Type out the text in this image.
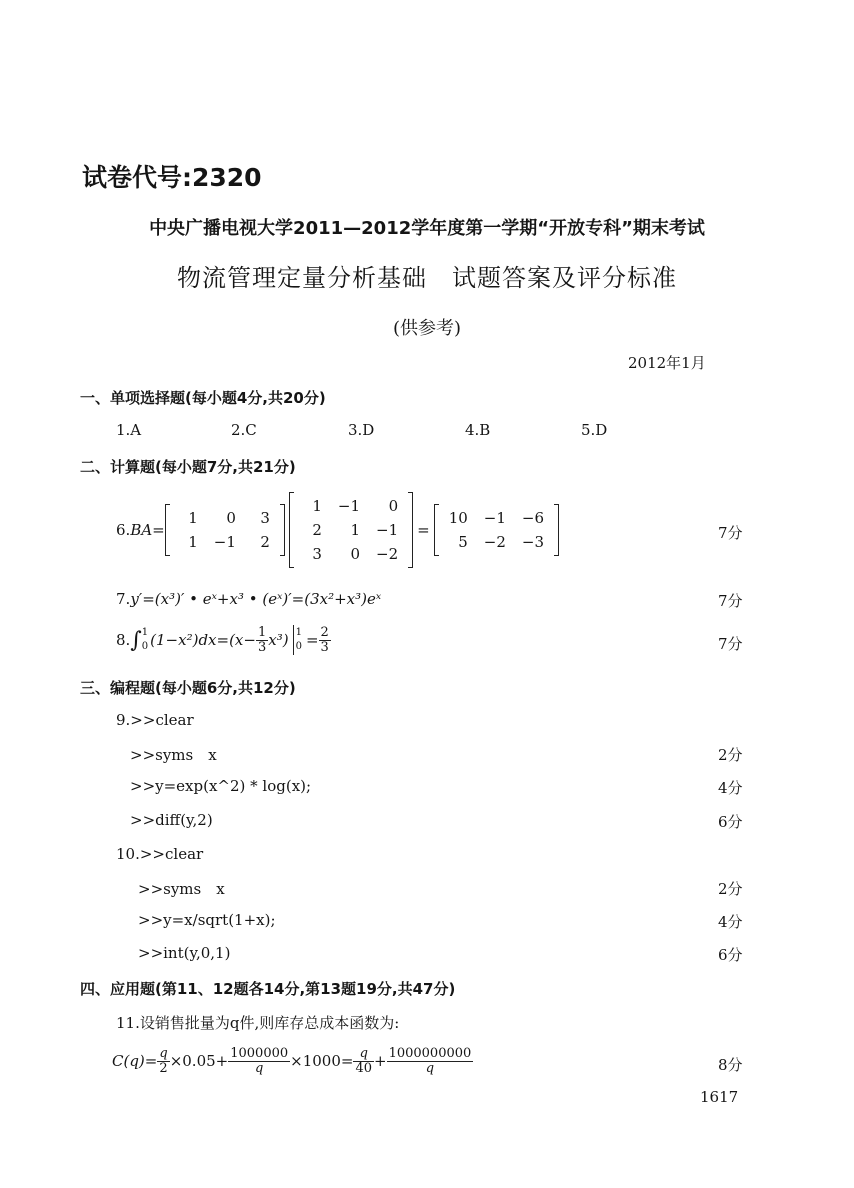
试卷代号:2320
中央广播电视大学2011—2012学年度第一学期“开放专科”期末考试
物流管理定量分析基础　试题答案及评分标准
(供参考)
2012年1月
一、单项选择题(每小题4分,共20分)
1.A	2.C	3.D	4.B	5.D
二、计算题(每小题7分,共21分)
6. BA =
1	0	3
1	−1	2
1	−1	0
2	1	−1
3	0	−2
=
10	−1	−6
5	−2	−3	7分
7.y′=(x³)′ • eˣ+x³ • (eˣ)′=(3x²+x³)eˣ	7分
8. ∫ 1
0 $(1-x^2)dx=(x- \frac{1}{3} x^3)$ 1
$0 = \frac{2}{3}$	7分
三、编程题(每小题6分,共12分)
9.>>clear
>>syms　x	2分
>>y=exp(x^2) * log(x);	4分
>>diff(y,2)	6分
10.>>clear
>>syms　x	2分
>>y=x/sqrt(1+x);	4分
>>int(y,0,1)	6分
四、应用题(第11、12题各14分,第13题19分,共47分)
11.设销售批量为q件,则库存总成本函数为:
$C(q)= \frac{q}{2} \times 0.05+ \frac{1000000}{q} \times 1000= \frac{q}{40} + \frac{1000000000}{q}$	8分
1617
